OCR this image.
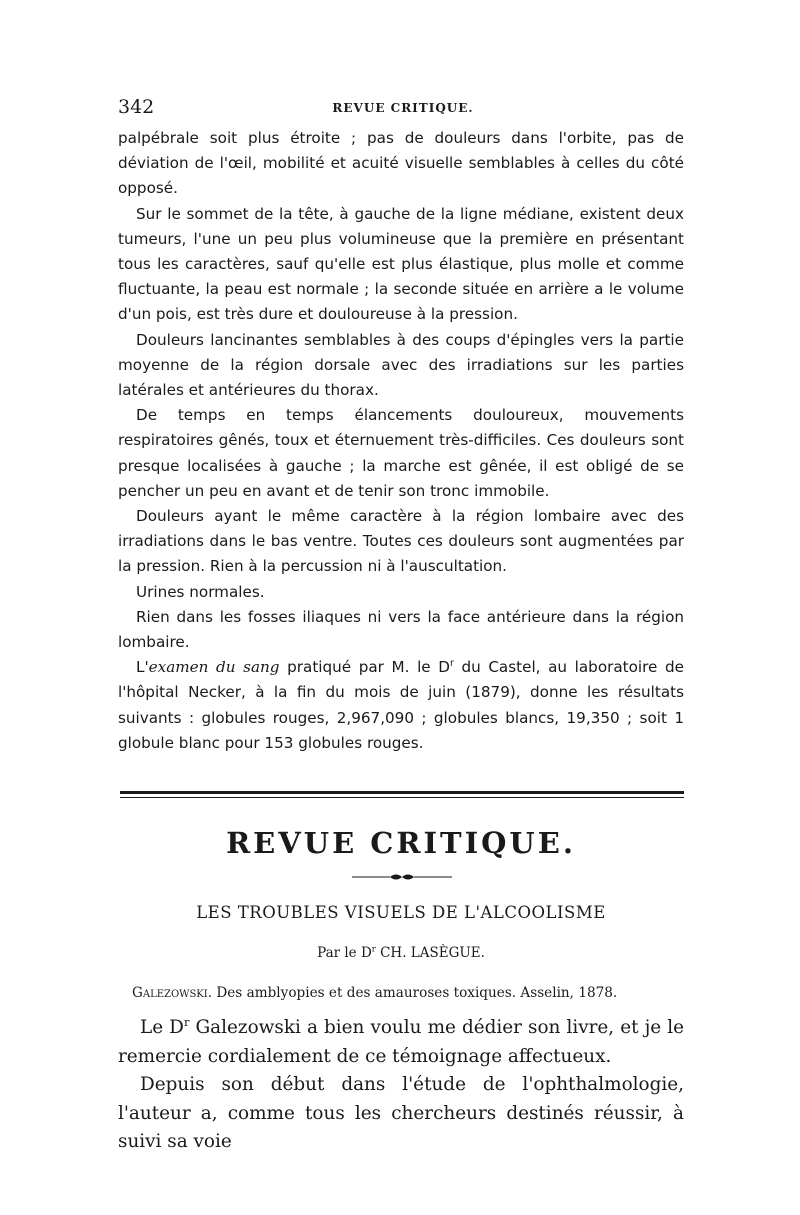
342	REVUE CRITIQUE.

palpébrale soit plus étroite ; pas de douleurs dans l'orbite, pas de déviation de l'œil, mobilité et acuité visuelle semblables à celles du côté opposé.

Sur le sommet de la tête, à gauche de la ligne médiane, existent deux tumeurs, l'une un peu plus volumineuse que la première en présentant tous les caractères, sauf qu'elle est plus élastique, plus molle et comme fluctuante, la peau est normale ; la seconde située en arrière a le volume d'un pois, est très dure et douloureuse à la pression.

Douleurs lancinantes semblables à des coups d'épingles vers la partie moyenne de la région dorsale avec des irradiations sur les parties latérales et antérieures du thorax.

De temps en temps élancements douloureux, mouvements respiratoires gênés, toux et éternuement très-difficiles. Ces douleurs sont presque localisées à gauche ; la marche est gênée, il est obligé de se pencher un peu en avant et de tenir son tronc immobile.

Douleurs ayant le même caractère à la région lombaire avec des irradiations dans le bas ventre. Toutes ces douleurs sont augmentées par la pression. Rien à la percussion ni à l'auscultation.

Urines normales.

Rien dans les fosses iliaques ni vers la face antérieure dans la région lombaire.

L'examen du sang pratiqué par M. le $D^r$ du Castel, au laboratoire de l'hôpital Necker, à la fin du mois de juin (1879), donne les résultats suivants : globules rouges, 2,967,090 ; globules blancs, 19,350 ; soit 1 globule blanc pour 153 globules rouges.

REVUE CRITIQUE.
LES TROUBLES VISUELS DE L'ALCOOLISME
Par le $D^r$ CH. LASÈGUE.
Galezowski. Des amblyopies et des amauroses toxiques. Asselin, 1878.

Le $D^r$ Galezowski a bien voulu me dédier son livre, et je le remercie cordialement de ce témoignage affectueux.

Depuis son début dans l'étude de l'ophthalmologie, l'auteur a, comme tous les chercheurs destinés réussir, à suivi sa voie
